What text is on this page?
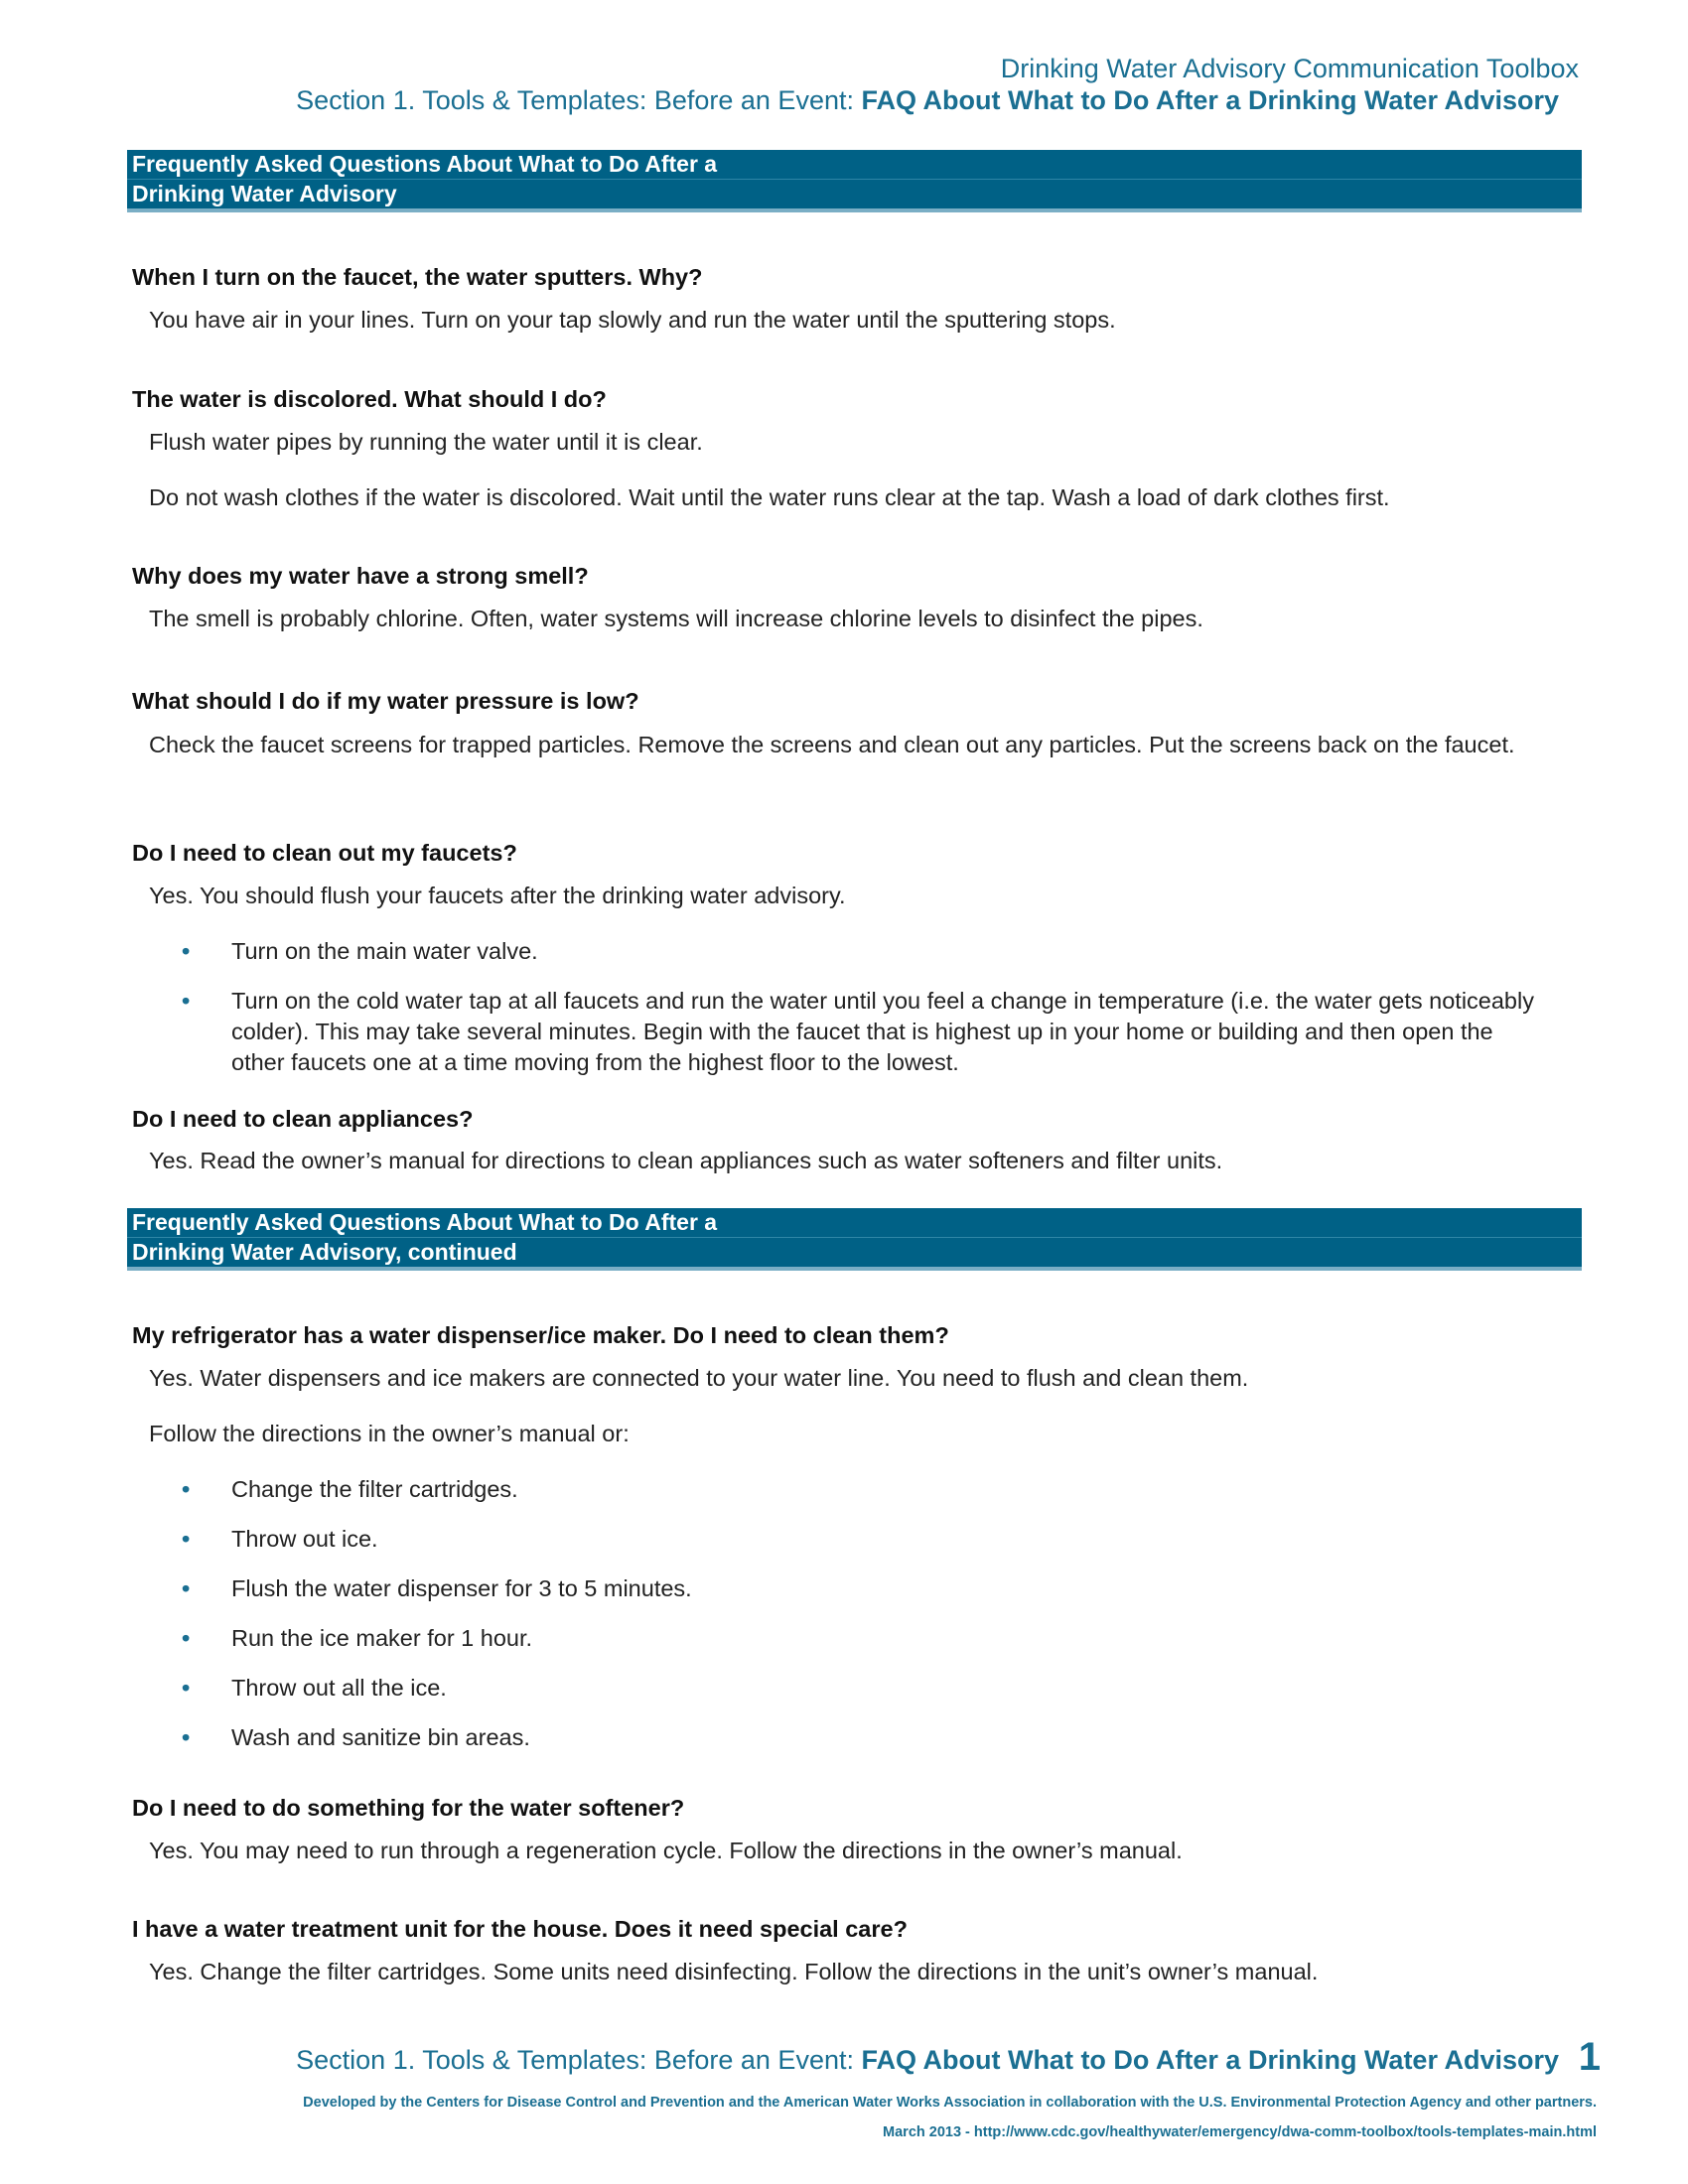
Drinking Water Advisory Communication Toolbox
Section 1. Tools & Templates: Before an Event: FAQ About What to Do After a Drinking Water Advisory
Frequently Asked Questions About What to Do After a
Drinking Water Advisory
When I turn on the faucet, the water sputters. Why?
You have air in your lines. Turn on your tap slowly and run the water until the sputtering stops.
The water is discolored. What should I do?
Flush water pipes by running the water until it is clear.
Do not wash clothes if the water is discolored. Wait until the water runs clear at the tap. Wash a load of dark clothes first.
Why does my water have a strong smell?
The smell is probably chlorine. Often, water systems will increase chlorine levels to disinfect the pipes.
What should I do if my water pressure is low?
Check the faucet screens for trapped particles. Remove the screens and clean out any particles. Put the screens back on the faucet.
Do I need to clean out my faucets?
Yes. You should flush your faucets after the drinking water advisory.
• Turn on the main water valve.
• Turn on the cold water tap at all faucets and run the water until you feel a change in temperature (i.e. the water gets noticeably colder). This may take several minutes. Begin with the faucet that is highest up in your home or building and then open the other faucets one at a time moving from the highest floor to the lowest.
Do I need to clean appliances?
Yes. Read the owner’s manual for directions to clean appliances such as water softeners and filter units.
Frequently Asked Questions About What to Do After a
Drinking Water Advisory, continued
My refrigerator has a water dispenser/ice maker. Do I need to clean them?
Yes. Water dispensers and ice makers are connected to your water line. You need to flush and clean them.
Follow the directions in the owner’s manual or:
• Change the filter cartridges.
• Throw out ice.
• Flush the water dispenser for 3 to 5 minutes.
• Run the ice maker for 1 hour.
• Throw out all the ice.
• Wash and sanitize bin areas.
Do I need to do something for the water softener?
Yes. You may need to run through a regeneration cycle. Follow the directions in the owner’s manual.
I have a water treatment unit for the house. Does it need special care?
Yes. Change the filter cartridges. Some units need disinfecting. Follow the directions in the unit’s owner’s manual.
Section 1. Tools & Templates: Before an Event: FAQ About What to Do After a Drinking Water Advisory 1
Developed by the Centers for Disease Control and Prevention and the American Water Works Association in collaboration with the U.S. Environmental Protection Agency and other partners.
March 2013 - http://www.cdc.gov/healthywater/emergency/dwa-comm-toolbox/tools-templates-main.html
